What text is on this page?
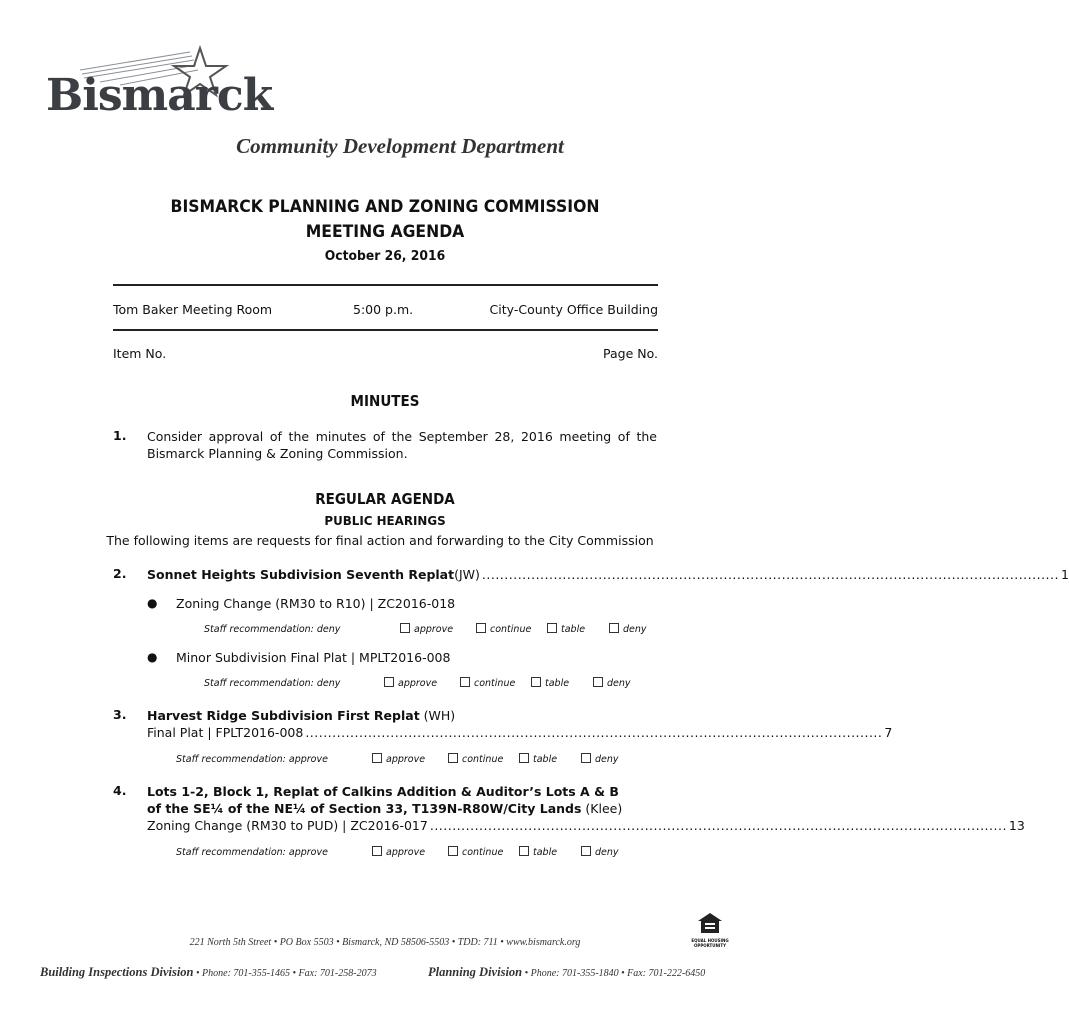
Bismarck
Community Development Department
BISMARCK PLANNING AND ZONING COMMISSION
MEETING AGENDA
October 26, 2016
Tom Baker Meeting Room	5:00 p.m.	City-County Office Building
Item No.	Page No.
MINUTES
1. Consider approval of the minutes of the September 28, 2016 meeting of the Bismarck Planning & Zoning Commission.
REGULAR AGENDA
PUBLIC HEARINGS
The following items are requests for final action and forwarding to the City Commission
2. Sonnet Heights Subdivision Seventh Replat (JW) ................................................................................................................................. 1
● Zoning Change (RM30 to R10) | ZC2016-018
Staff recommendation: deny	approve	continue	table	deny
● Minor Subdivision Final Plat | MPLT2016-008
Staff recommendation: deny	approve	continue	table	deny
3. Harvest Ridge Subdivision First Replat (WH)
Final Plat | FPLT2016-008 ................................................................................................................................. 7
Staff recommendation: approve	approve	continue	table	deny
4. Lots 1-2, Block 1, Replat of Calkins Addition & Auditor’s Lots A & B
of the SE¼ of the NE¼ of Section 33, T139N-R80W/City Lands (Klee)
Zoning Change (RM30 to PUD) | ZC2016-017 ................................................................................................................................. 13
Staff recommendation: approve	approve	continue	table	deny
EQUAL HOUSING OPPORTUNITY
221 North 5th Street • PO Box 5503 • Bismarck, ND 58506-5503 • TDD: 711 • www.bismarck.org
Building Inspections Division • Phone: 701-355-1465 • Fax: 701-258-2073	Planning Division • Phone: 701-355-1840 • Fax: 701-222-6450
